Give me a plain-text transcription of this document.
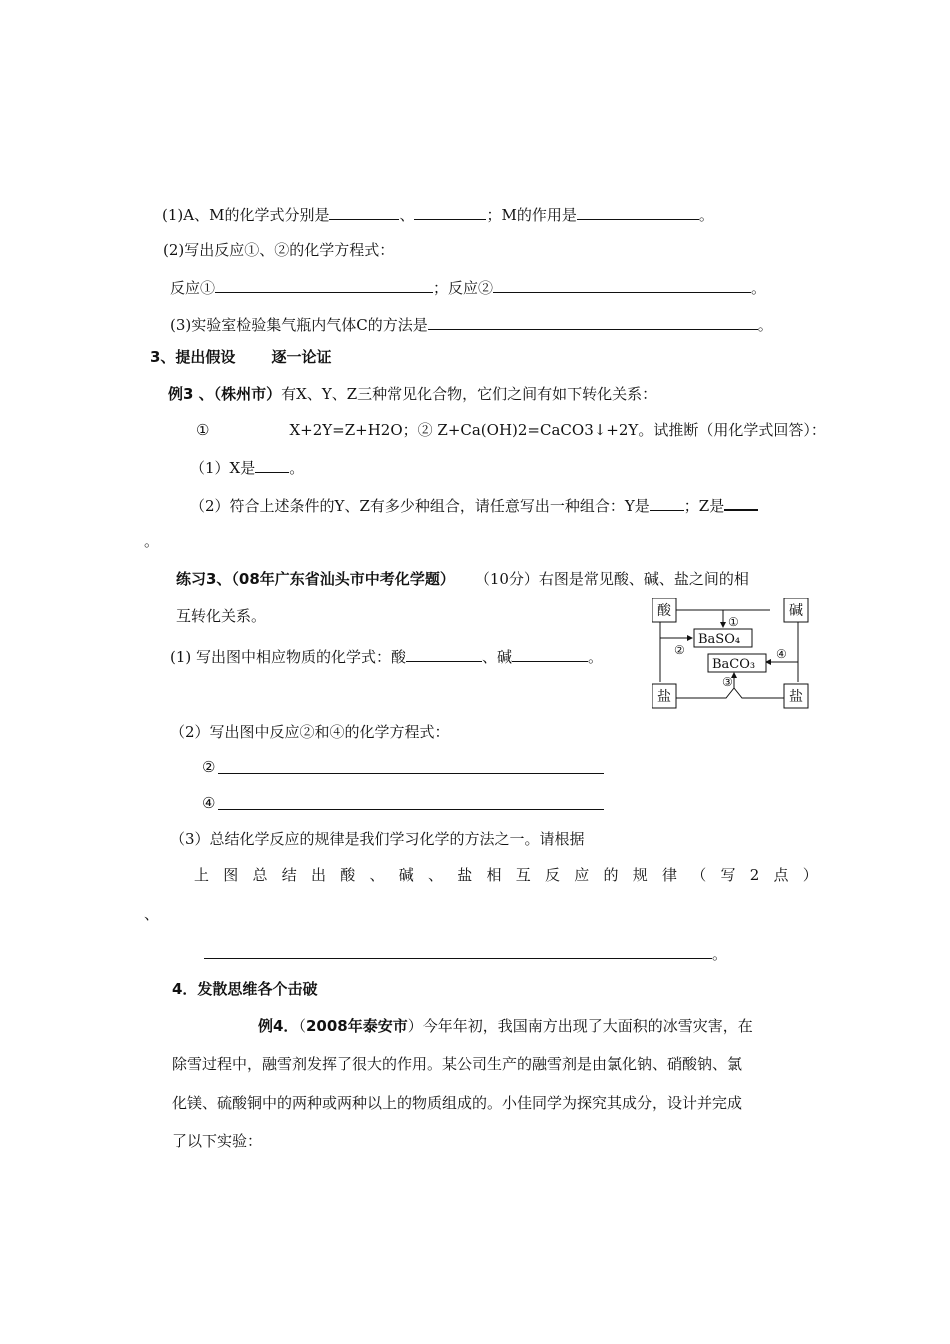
(1)A、M的化学式分别是	、	；M的作用是	。
(2)写出反应①、②的化学方程式：
反应①	；反应②	。
(3)实验室检验集气瓶内气体C的方法是	。
3、提出假设 逐一论证
例3 、（株州市）有X、Y、Z三种常见化合物，它们之间有如下转化关系：
①	X+2Y=Z+H2O；② Z+Ca(OH)2=CaCO3↓+2Y。试推断（用化学式回答）：
（1）X是 。
（2）符合上述条件的Y、Z有多少种组合，请任意写出一种组合：Y是 ；Z是
。
练习3、（08年广东省汕头市中考化学题） （10分）右图是常见酸、碱、盐之间的相
互转化关系。
(1) 写出图中相应物质的化学式：酸	、碱	。
酸	碱
盐	盐
BaSO₄
BaCO₃
①
②
③
④
（2）写出图中反应②和④的化学方程式：
②
④
（3）总结化学反应的规律是我们学习化学的方法之一。请根据
上 图 总 结 出 酸 、 碱 、 盐 相 互 反 应 的 规 律 （ 写 2 点 ）
、
。
4．发散思维各个击破
例4．（2008年泰安市）今年年初，我国南方出现了大面积的冰雪灾害，在
除雪过程中，融雪剂发挥了很大的作用。某公司生产的融雪剂是由氯化钠、硝酸钠、氯
化镁、硫酸铜中的两种或两种以上的物质组成的。小佳同学为探究其成分，设计并完成
了以下实验：
